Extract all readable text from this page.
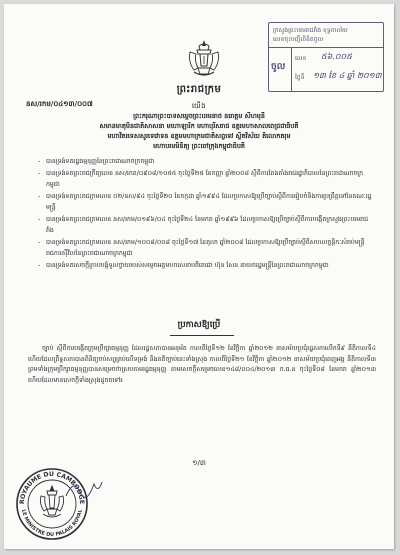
ក្រសួងព្រះបរមរាជវាំង ខុទ្ទកាល័យ
លេខចុះបញ្ជីលិខិតចូល
ចូល
លេខ ៥៦.០០៥
ថ្ងៃទី ១៣ ខែ ៤ ឆ្នាំ ២០១៣
ព្រះរាជក្រម
នស/រកម/០៤១៣/០០៧	យើង
ព្រះករុណាព្រះបាទសម្តេចព្រះបរមនាថ នរោត្តម សីហមុនី
សមានមាតុមិនជាតិសាសនា មហោឡារិក មហាបុរីសរាជ ឧត្តរមហាសាលពេជ្រជាធិបតី
មហាវិតរទេសសូរទេវោទន ឧត្តមមហាក្រមជាតិសព្វទេវ ស្ថិតវិស័យ តិលោកតរុម
មហាបរមមិនិត្យ ព្រះចៅក្រុងកម្ពុជាធិបតី
- បានទ្រង់ទតរដ្ឋធម្មនុញ្ញនៃព្រះរាជាណាចក្រកម្ពុជា
- បានទ្រង់ទតព្រះរាជក្រឹត្យលេខ នស/រកត/០៩០៨/១០៥៥ ចុះថ្ងៃទី២៥ ខែកញ្ញា ឆ្នាំ២០០៨ ស្តីពីការតែងតាំងរាជរដ្ឋាភិបាលនៃព្រះរាជាណាចក្រកម្ពុជា
- បានទ្រង់ទតព្រះរាជក្រមលេខ ០២/នស/៩៤ ចុះថ្ងៃទី២០ ខែកក្កដា ឆ្នាំ១៩៩៤ ដែលប្រកាសឱ្យប្រើច្បាប់ស្តីពីការរៀបចំនិងការប្រព្រឹត្តទៅនៃគណៈរដ្ឋមន្ត្រី
- បានទ្រង់ទតព្រះរាជក្រមលេខ នស/រកម/០១៩៦/០៤ ចុះថ្ងៃទី២៤ ខែមករា ឆ្នាំ១៩៩៦ ដែលប្រកាសឱ្យប្រើច្បាប់ស្តីពីការបង្កើតក្រសួងព្រះបរមរាជវាំង
- បានទ្រង់ទតព្រះរាជក្រមលេខ នស/រកម/១០០៨/០០៨ ចុះថ្ងៃទី១៧ ខែតុលា ឆ្នាំ២០០៨ ដែលប្រកាសឱ្យប្រើច្បាប់ស្តីពីសហលក្ខន្តិកៈសំរាប់មន្ត្រីរាជការស៊ីវិលនៃព្រះរាជាណាចក្រកម្ពុជា
- បានទ្រង់ទតសេចក្តីក្រាបបង្គំទូលថ្វាយរបស់សម្តេចអគ្គមហាសេនាបតីតេជោ ហ៊ុន សែន នាយករដ្ឋមន្ត្រីនៃព្រះរាជាណាចក្រកម្ពុជា
ប្រកាសឱ្យប្រើ
ច្បាប់ ស្តីពីការបង្កើតក្រុមប្រឹក្សាធម្មនុញ្ញ ដែលរដ្ឋសភាបានអនុម័ត កាលពីថ្ងៃទី១២ ខែវិច្ឆិកា ឆ្នាំ២០១២ នាសម័យប្រជុំរដ្ឋសភាលើកទី៩ នីតិកាលទី៤ ហើយដែលព្រឹទ្ធសភាបានពិនិត្យចប់សព្វគ្រប់លើទម្រង់ និងគតិច្បាប់នេះទាំងស្រុង កាលពីថ្ងៃទី២១ ខែវិច្ឆិកា ឆ្នាំ២០១២ នាសម័យប្រជុំពេញអង្គ នីតិកាលទី៣ ព្រមទាំងក្រុមប្រឹក្សាធម្មនុញ្ញបានសម្រេចថាស្របតាមរដ្ឋធម្មនុញ្ញ តាមសេចក្តីសម្រេចលេខ១៤៨/០០៤/២០១៣ ក.ធ.ន ចុះថ្ងៃទី០៨ ខែមករា ឆ្នាំ២០១៣ ហើយដែលមានសេចក្តីទាំងស្រុងដូចតទៅ៖
១/៣
ROYAUME DU CAMBODGE
LE MINISTRE DU PALAIS ROYAL
